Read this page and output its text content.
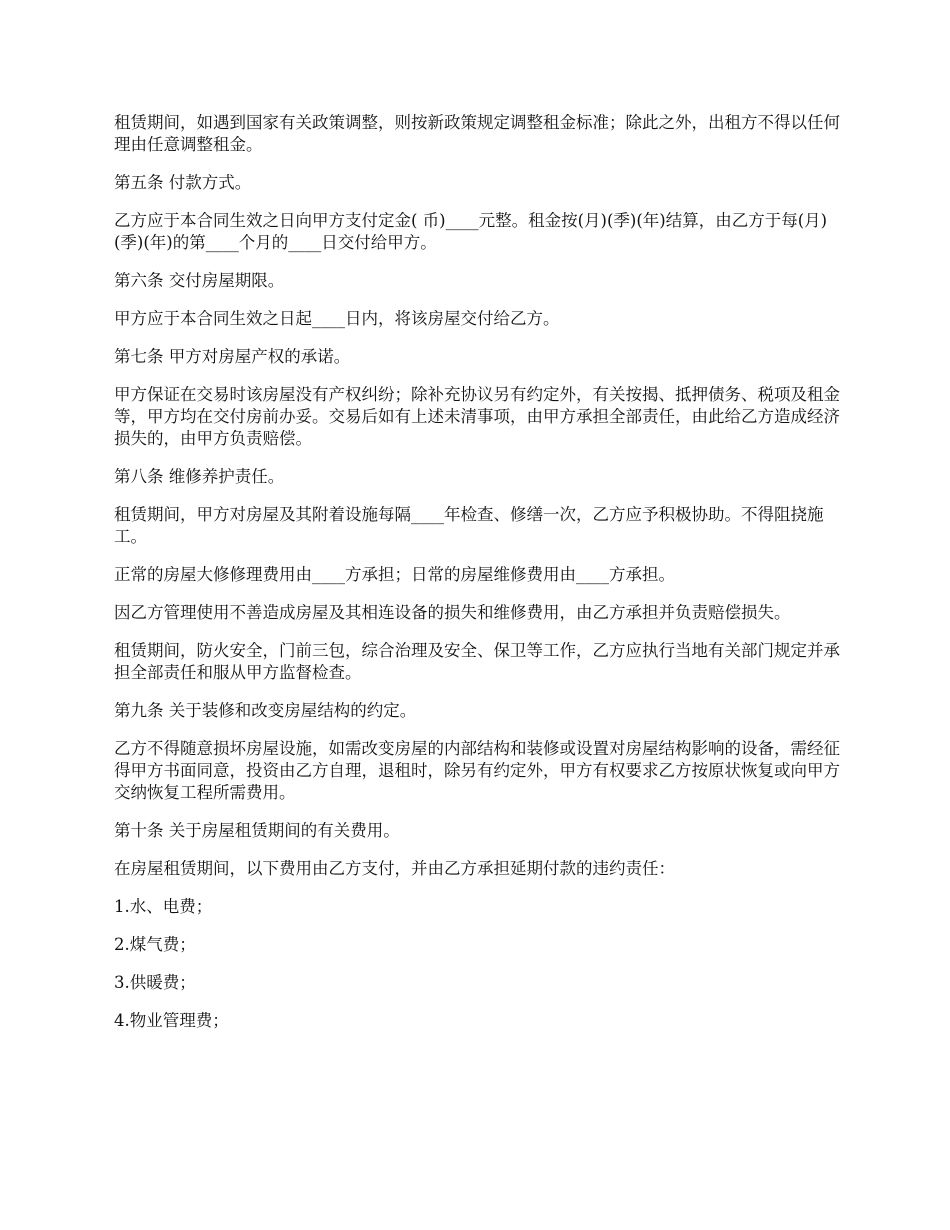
租赁期间，如遇到国家有关政策调整，则按新政策规定调整租金标准；除此之外，出租方不得以任何理由任意调整租金。

第五条 付款方式。

乙方应于本合同生效之日向甲方支付定金( 币)____元整。租金按(月)(季)(年)结算，由乙方于每(月)(季)(年)的第____个月的____日交付给甲方。

第六条 交付房屋期限。

甲方应于本合同生效之日起____日内，将该房屋交付给乙方。

第七条 甲方对房屋产权的承诺。

甲方保证在交易时该房屋没有产权纠纷；除补充协议另有约定外，有关按揭、抵押债务、税项及租金等，甲方均在交付房前办妥。交易后如有上述未清事项，由甲方承担全部责任，由此给乙方造成经济损失的，由甲方负责赔偿。

第八条 维修养护责任。

租赁期间，甲方对房屋及其附着设施每隔____年检查、修缮一次，乙方应予积极协助。不得阻挠施工。

正常的房屋大修修理费用由____方承担；日常的房屋维修费用由____方承担。

因乙方管理使用不善造成房屋及其相连设备的损失和维修费用，由乙方承担并负责赔偿损失。

租赁期间，防火安全，门前三包，综合治理及安全、保卫等工作，乙方应执行当地有关部门规定并承担全部责任和服从甲方监督检查。

第九条 关于装修和改变房屋结构的约定。

乙方不得随意损坏房屋设施，如需改变房屋的内部结构和装修或设置对房屋结构影响的设备，需经征得甲方书面同意，投资由乙方自理，退租时，除另有约定外，甲方有权要求乙方按原状恢复或向甲方交纳恢复工程所需费用。

第十条 关于房屋租赁期间的有关费用。

在房屋租赁期间，以下费用由乙方支付，并由乙方承担延期付款的违约责任：

1.水、电费；

2.煤气费；

3.供暖费；

4.物业管理费；
